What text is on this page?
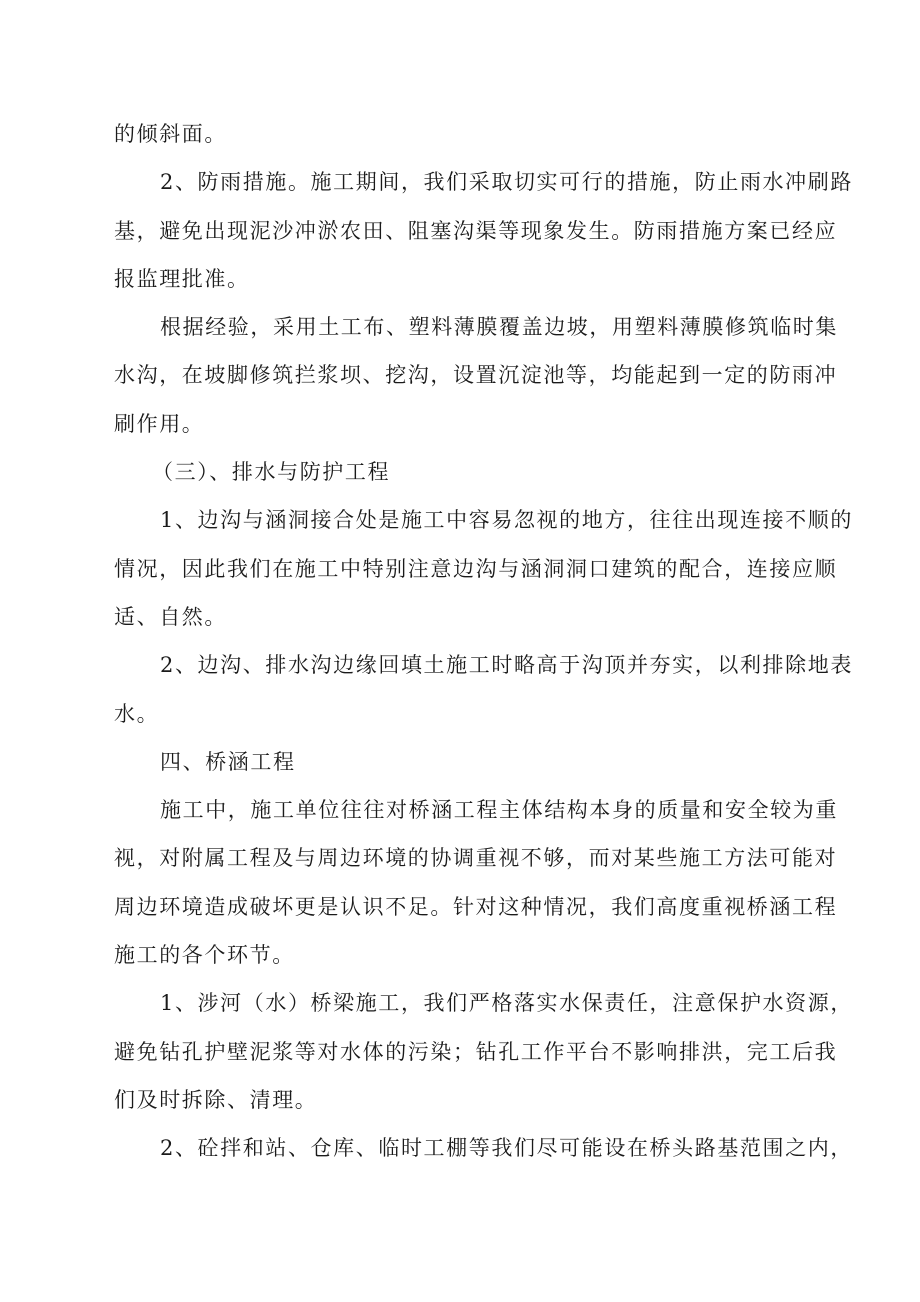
的倾斜面。

2、防雨措施。施工期间，我们采取切实可行的措施，防止雨水冲刷路
基，避免出现泥沙冲淤农田、阻塞沟渠等现象发生。防雨措施方案已经应
报监理批准。

根据经验，采用土工布、塑料薄膜覆盖边坡，用塑料薄膜修筑临时集
水沟，在坡脚修筑拦浆坝、挖沟，设置沉淀池等，均能起到一定的防雨冲
刷作用。

（三）、排水与防护工程

1、边沟与涵洞接合处是施工中容易忽视的地方，往往出现连接不顺的
情况，因此我们在施工中特别注意边沟与涵洞洞口建筑的配合，连接应顺
适、自然。

2、边沟、排水沟边缘回填土施工时略高于沟顶并夯实，以利排除地表
水。

四、桥涵工程

施工中，施工单位往往对桥涵工程主体结构本身的质量和安全较为重
视，对附属工程及与周边环境的协调重视不够，而对某些施工方法可能对
周边环境造成破坏更是认识不足。针对这种情况，我们高度重视桥涵工程
施工的各个环节。

1、涉河（水）桥梁施工，我们严格落实水保责任，注意保护水资源，
避免钻孔护壁泥浆等对水体的污染；钻孔工作平台不影响排洪，完工后我
们及时拆除、清理。

2、砼拌和站、仓库、临时工棚等我们尽可能设在桥头路基范围之内，
